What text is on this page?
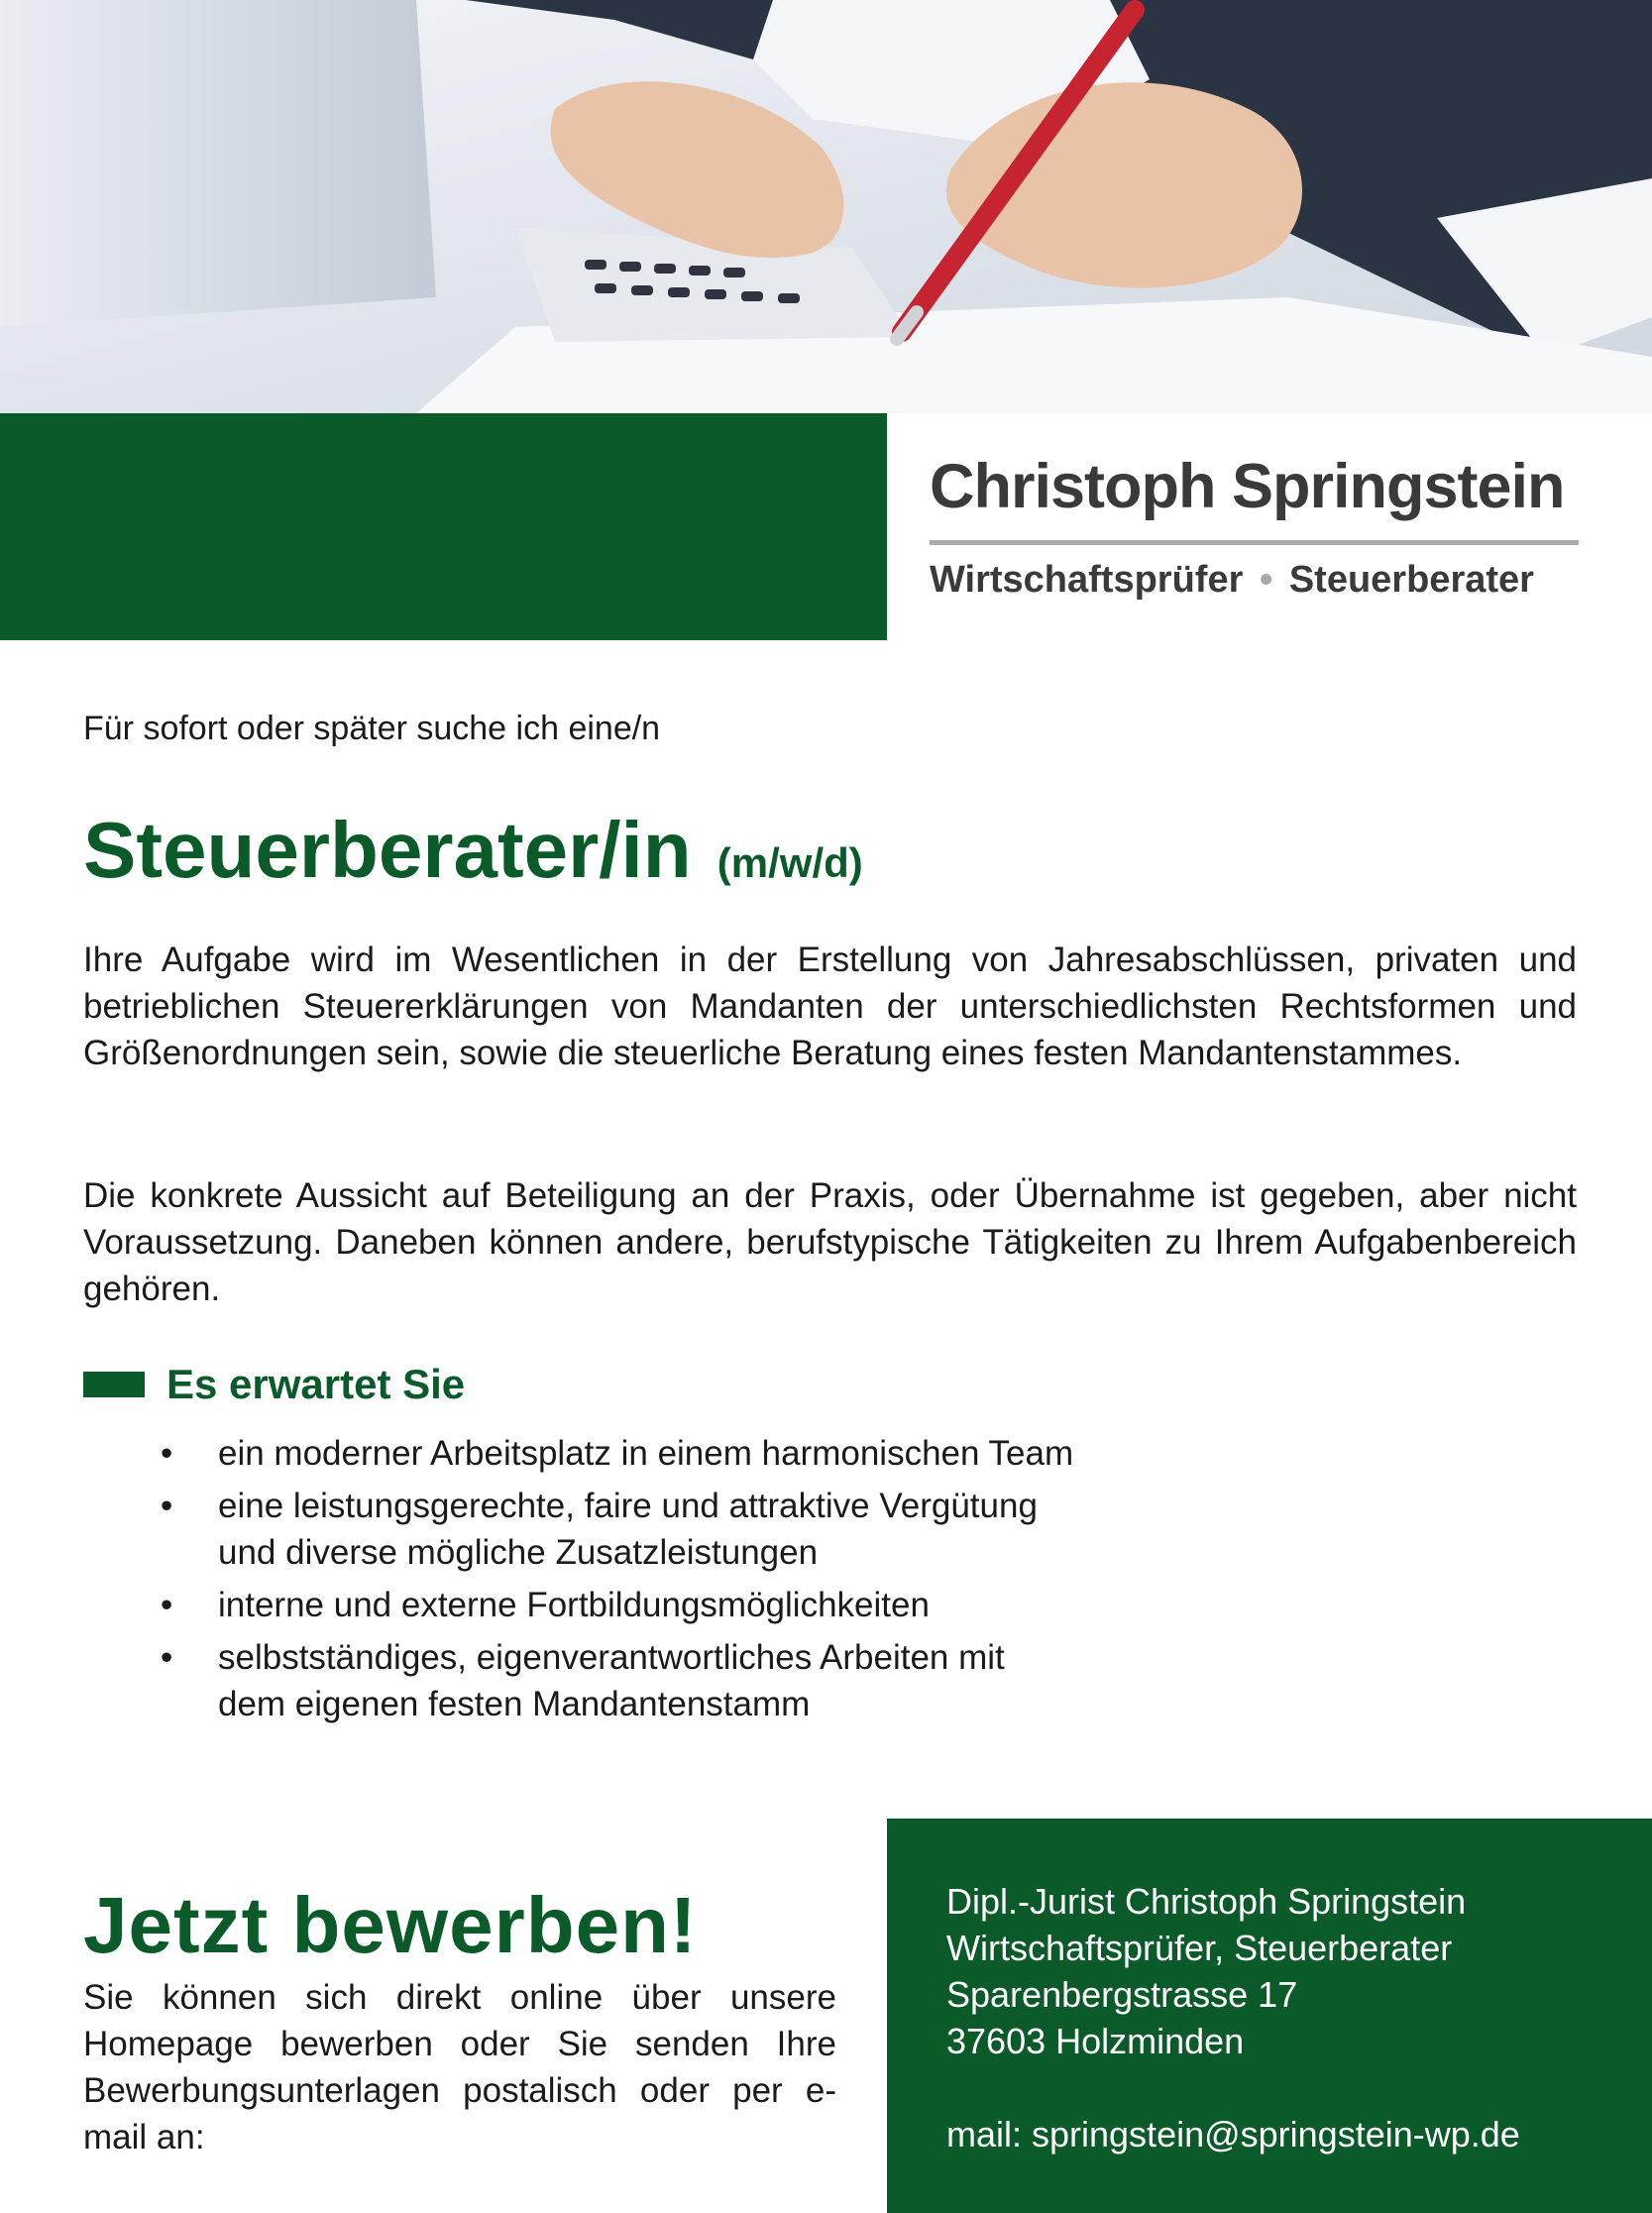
Christoph Springstein
Wirtschaftsprüfer • Steuerberater
Für sofort oder später suche ich eine/n
Steuerberater/in (m/w/d)

Ihre Aufgabe wird im Wesentlichen in der Erstellung von Jahresabschlüssen, privaten und betrieblichen Steuererklärungen von Mandanten der unterschiedlichsten Rechtsformen und Größenordnungen sein, sowie die steuerliche Beratung eines festen Mandantenstammes.

Die konkrete Aussicht auf Beteiligung an der Praxis, oder Übernahme ist gegeben, aber nicht Voraussetzung. Daneben können andere, berufstypische Tätigkeiten zu Ihrem Aufgabenbereich gehören.

Es erwartet Sie
• ein moderner Arbeitsplatz in einem harmonischen Team
• eine leistungsgerechte, faire und attraktive Vergütung
und diverse mögliche Zusatzleistungen
• interne und externe Fortbildungsmöglichkeiten
• selbstständiges, eigenverantwortliches Arbeiten mit
dem eigenen festen Mandantenstamm
Jetzt bewerben!

Sie können sich direkt online über unsere Homepage bewerben oder Sie senden Ihre Bewerbungsunterlagen postalisch oder per e-mail an:

Dipl.-Jurist Christoph Springstein
Wirtschaftsprüfer, Steuerberater
Sparenbergstrasse 17
37603 Holzminden
mail: springstein@springstein-wp.de
